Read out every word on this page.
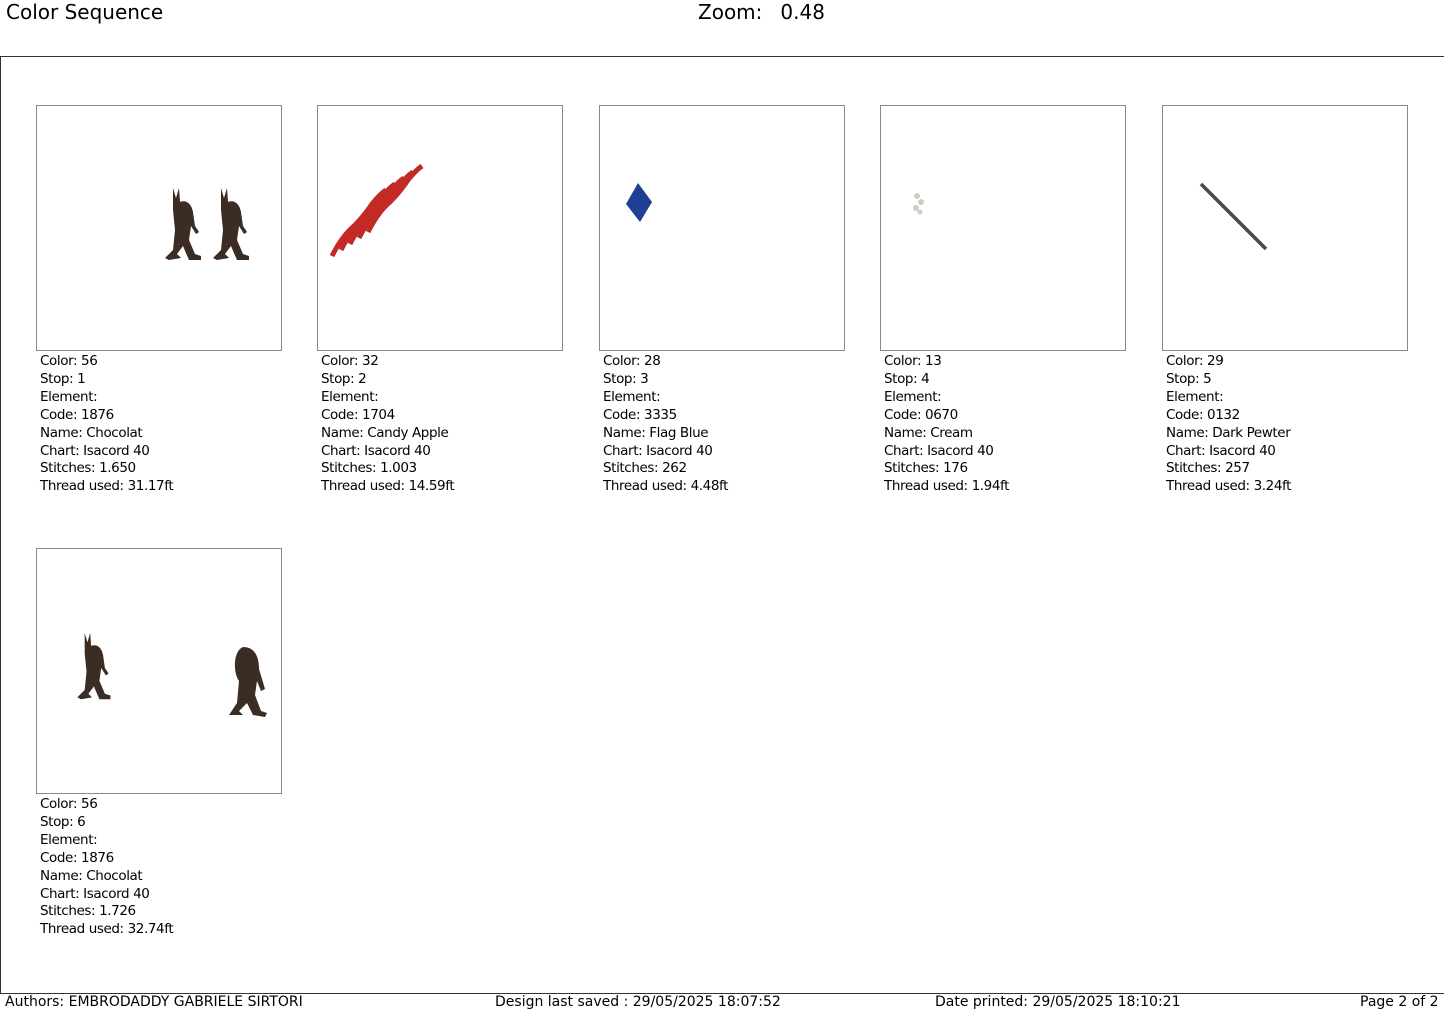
Color Sequence	Zoom: 0.48
Color: 56
Stop: 1
Element:
Code: 1876
Name: Chocolat
Chart: Isacord 40
Stitches: 1.650
Thread used: 31.17ft
Color: 32
Stop: 2
Element:
Code: 1704
Name: Candy Apple
Chart: Isacord 40
Stitches: 1.003
Thread used: 14.59ft
Color: 28
Stop: 3
Element:
Code: 3335
Name: Flag Blue
Chart: Isacord 40
Stitches: 262
Thread used: 4.48ft
Color: 13
Stop: 4
Element:
Code: 0670
Name: Cream
Chart: Isacord 40
Stitches: 176
Thread used: 1.94ft
Color: 29
Stop: 5
Element:
Code: 0132
Name: Dark Pewter
Chart: Isacord 40
Stitches: 257
Thread used: 3.24ft
Color: 56
Stop: 6
Element:
Code: 1876
Name: Chocolat
Chart: Isacord 40
Stitches: 1.726
Thread used: 32.74ft
Authors: EMBRODADDY GABRIELE SIRTORI	Design last saved : 29/05/2025 18:07:52	Date printed: 29/05/2025 18:10:21	Page 2 of 2
